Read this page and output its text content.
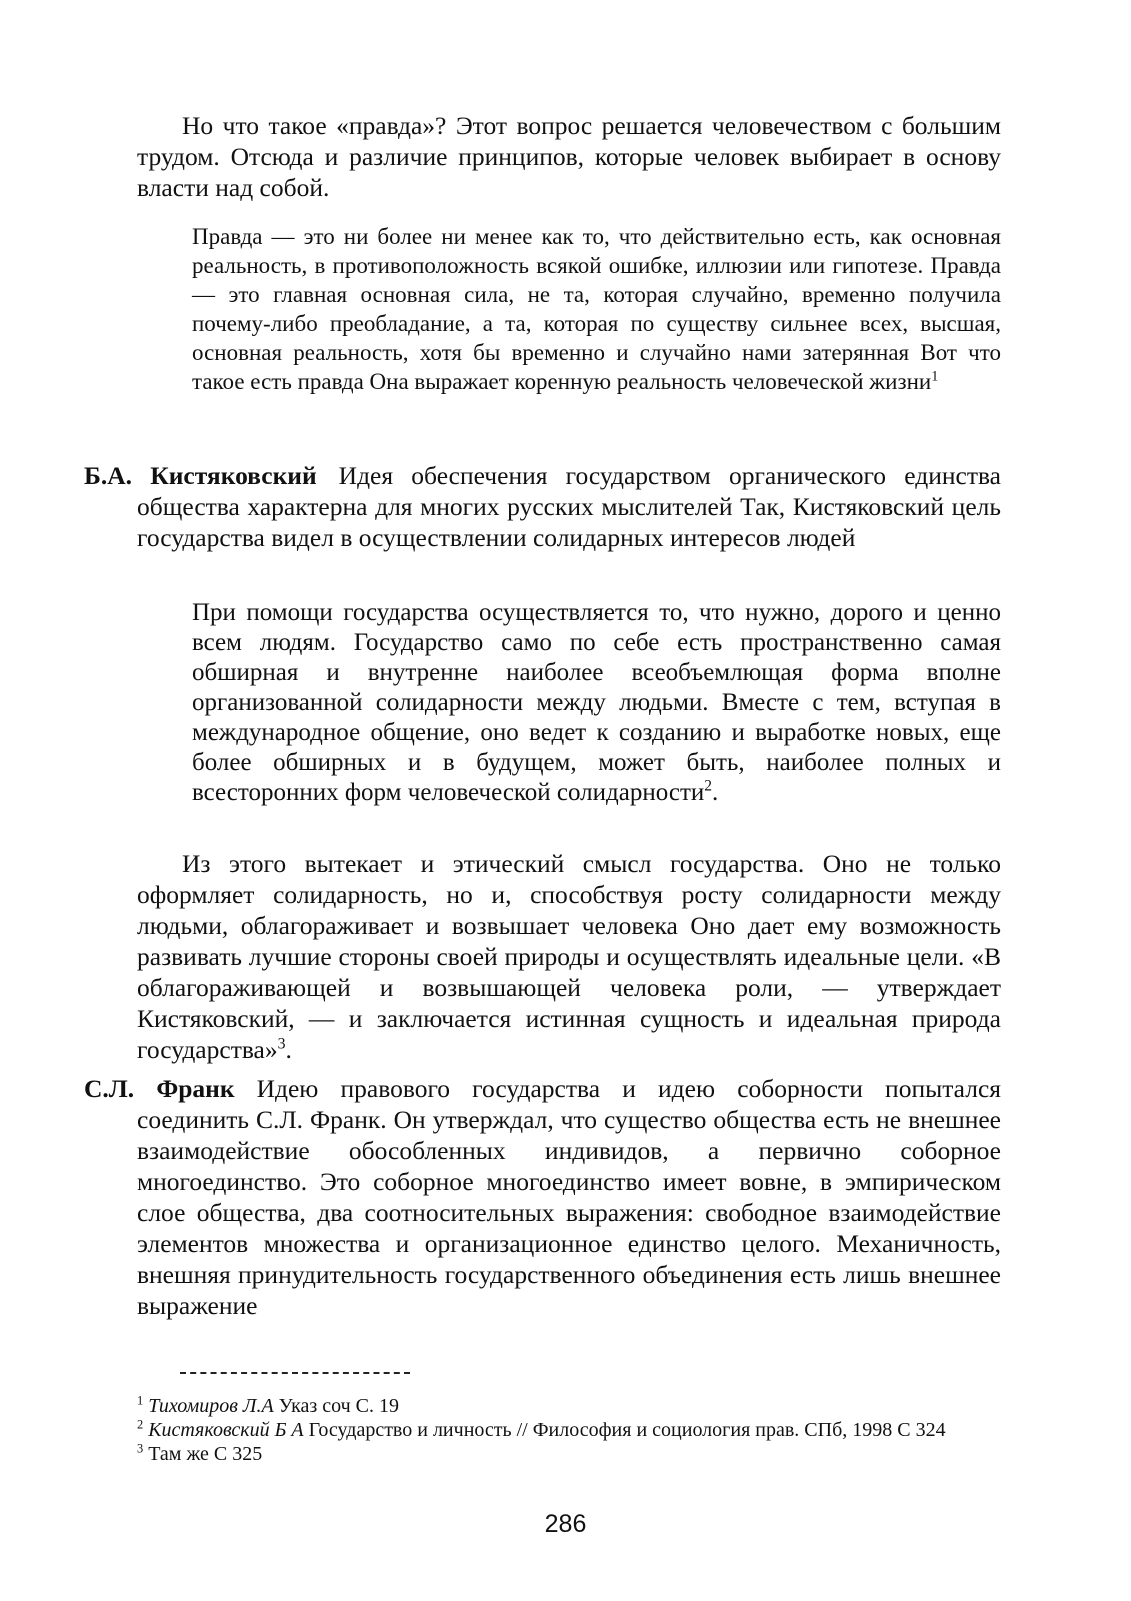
Но что такое «правда»? Этот вопрос решается человечеством с большим трудом. Отсюда и различие принципов, которые человек выбирает в основу власти над собой.

Правда — это ни более ни менее как то, что действительно есть, как основная реальность, в противоположность всякой ошибке, иллюзии или гипотезе. Правда — это главная основная сила, не та, которая случайно, временно получила почему-либо преобладание, а та, которая по существу сильнее всех, высшая, основная реальность, хотя бы временно и случайно нами затерянная Вот что такое есть правда Она выражает коренную реальность человеческой жизни$^1$

Б.А. Кистяковский Идея обеспечения государством органического единства общества характерна для многих русских мыслителей Так, Кистяковский цель государства видел в осуществлении солидарных интересов людей

При помощи государства осуществляется то, что нужно, дорого и ценно всем людям. Государство само по себе есть пространственно самая обширная и внутренне наиболее всеобъемлющая форма вполне организованной солидарности между людьми. Вместе с тем, вступая в международное общение, оно ведет к созданию и выработке новых, еще более обширных и в будущем, может быть, наиболее полных и всесторонних форм человеческой солидарности$^2$.

Из этого вытекает и этический смысл государства. Оно не только оформляет солидарность, но и, способствуя росту солидарности между людьми, облагораживает и возвышает человека Оно дает ему возможность развивать лучшие стороны своей природы и осуществлять идеальные цели. «В облагораживающей и возвышающей человека роли, — утверждает Кистяковский, — и заключается истинная сущность и идеальная природа государства»$^3$.

С.Л. Франк Идею правового государства и идею соборности попытался соединить С.Л. Франк. Он утверждал, что существо общества есть не внешнее взаимодействие обособленных индивидов, а первично соборное многоединство. Это соборное многоединство имеет вовне, в эмпирическом слое общества, два соотносительных выражения: свободное взаимодействие элементов множества и организационное единство целого. Механичность, внешняя принудительность государственного объединения есть лишь внешнее выражение

$^1$ Тихомиров Л.А Указ соч С. 19

$^2$ Кистяковский Б А Государство и личность // Философия и социология прав. СПб, 1998 С 324

$^3$ Там же С 325

286
